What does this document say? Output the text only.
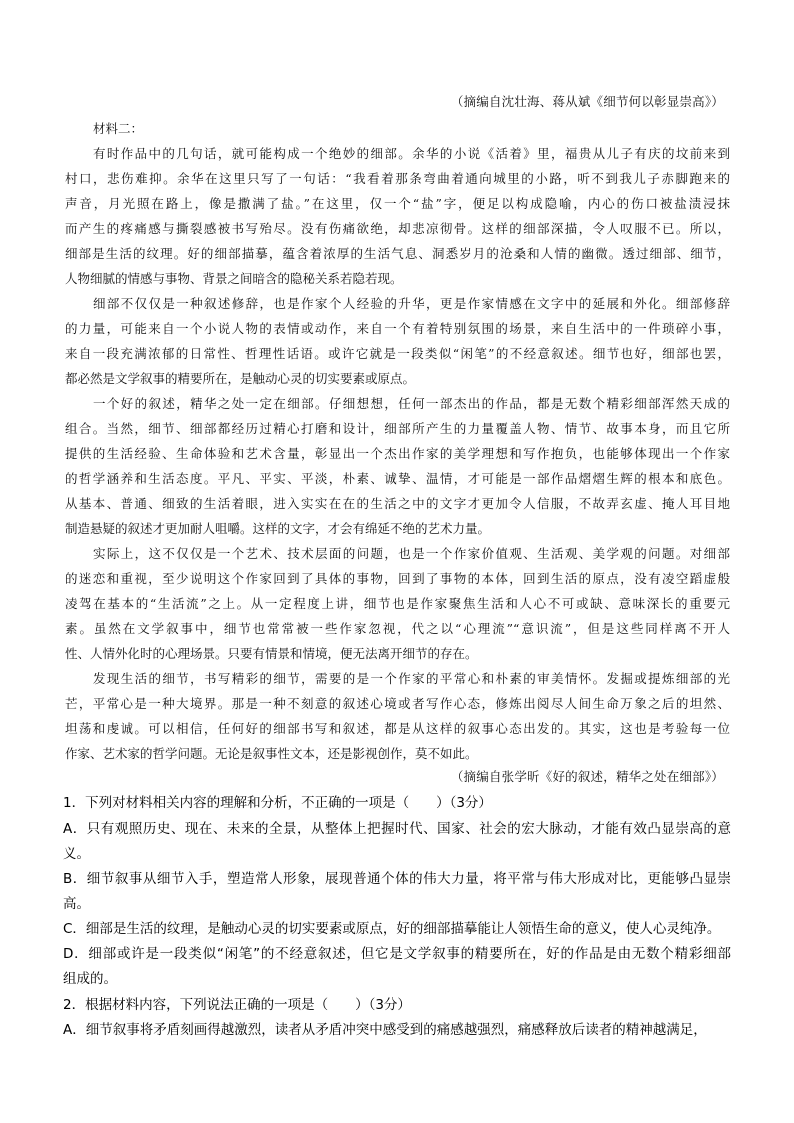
（摘编自沈壮海、蒋从斌《细节何以彰显崇高》）
材料二：
有时作品中的几句话，就可能构成一个绝妙的细部。余华的小说《活着》里，福贵从儿子有庆的坟前来到
村口，悲伤难抑。余华在这里只写了一句话：“我看着那条弯曲着通向城里的小路，听不到我儿子赤脚跑来的
声音，月光照在路上，像是撒满了盐。”在这里，仅一个“盐”字，便足以构成隐喻，内心的伤口被盐渍浸抹
而产生的疼痛感与撕裂感被书写殆尽。没有伤痛欲绝，却悲凉彻骨。这样的细部深描，令人叹服不已。所以，
细部是生活的纹理。好的细部描摹，蕴含着浓厚的生活气息、洞悉岁月的沧桑和人情的幽微。透过细部、细节，
人物细腻的情感与事物、背景之间暗含的隐秘关系若隐若现。
细部不仅仅是一种叙述修辞，也是作家个人经验的升华，更是作家情感在文字中的延展和外化。细部修辞
的力量，可能来自一个小说人物的表情或动作，来自一个有着特别氛围的场景，来自生活中的一件琐碎小事，
来自一段充满浓郁的日常性、哲理性话语。或许它就是一段类似“闲笔”的不经意叙述。细节也好，细部也罢，
都必然是文学叙事的精要所在，是触动心灵的切实要素或原点。
一个好的叙述，精华之处一定在细部。仔细想想，任何一部杰出的作品，都是无数个精彩细部浑然天成的
组合。当然，细节、细部都经历过精心打磨和设计，细部所产生的力量覆盖人物、情节、故事本身，而且它所
提供的生活经验、生命体验和艺术含量，彰显出一个杰出作家的美学理想和写作抱负，也能够体现出一个作家
的哲学涵养和生活态度。平凡、平实、平淡，朴素、诚挚、温情，才可能是一部作品熠熠生辉的根本和底色。
从基本、普通、细致的生活着眼，进入实实在在的生活之中的文字才更加令人信服，不故弄玄虚、掩人耳目地
制造悬疑的叙述才更加耐人咀嚼。这样的文字，才会有绵延不绝的艺术力量。
实际上，这不仅仅是一个艺术、技术层面的问题，也是一个作家价值观、生活观、美学观的问题。对细部
的迷恋和重视，至少说明这个作家回到了具体的事物，回到了事物的本体，回到生活的原点，没有凌空蹈虚般
凌驾在基本的“生活流”之上。从一定程度上讲，细节也是作家聚焦生活和人心不可或缺、意味深长的重要元
素。虽然在文学叙事中，细节也常常被一些作家忽视，代之以“心理流”“意识流”，但是这些同样离不开人
性、人情外化时的心理场景。只要有情景和情境，便无法离开细节的存在。
发现生活的细节，书写精彩的细节，需要的是一个作家的平常心和朴素的审美情怀。发掘或提炼细部的光
芒，平常心是一种大境界。那是一种不刻意的叙述心境或者写作心态，修炼出阅尽人间生命万象之后的坦然、
坦荡和虔诚。可以相信，任何好的细部书写和叙述，都是从这样的叙事心态出发的。其实，这也是考验每一位
作家、艺术家的哲学问题。无论是叙事性文本，还是影视创作，莫不如此。
（摘编自张学昕《好的叙述，精华之处在细部》）
1．下列对材料相关内容的理解和分析，不正确的一项是（　　）（3分）
A．只有观照历史、现在、未来的全景，从整体上把握时代、国家、社会的宏大脉动，才能有效凸显崇高的意
义。
B．细节叙事从细节入手，塑造常人形象，展现普通个体的伟大力量，将平常与伟大形成对比，更能够凸显崇
高。
C．细部是生活的纹理，是触动心灵的切实要素或原点，好的细部描摹能让人领悟生命的意义，使人心灵纯净。
D．细部或许是一段类似“闲笔”的不经意叙述，但它是文学叙事的精要所在，好的作品是由无数个精彩细部
组成的。
2．根据材料内容，下列说法正确的一项是（　　）（3分）
A．细节叙事将矛盾刻画得越激烈，读者从矛盾冲突中感受到的痛感越强烈，痛感释放后读者的精神越满足，
